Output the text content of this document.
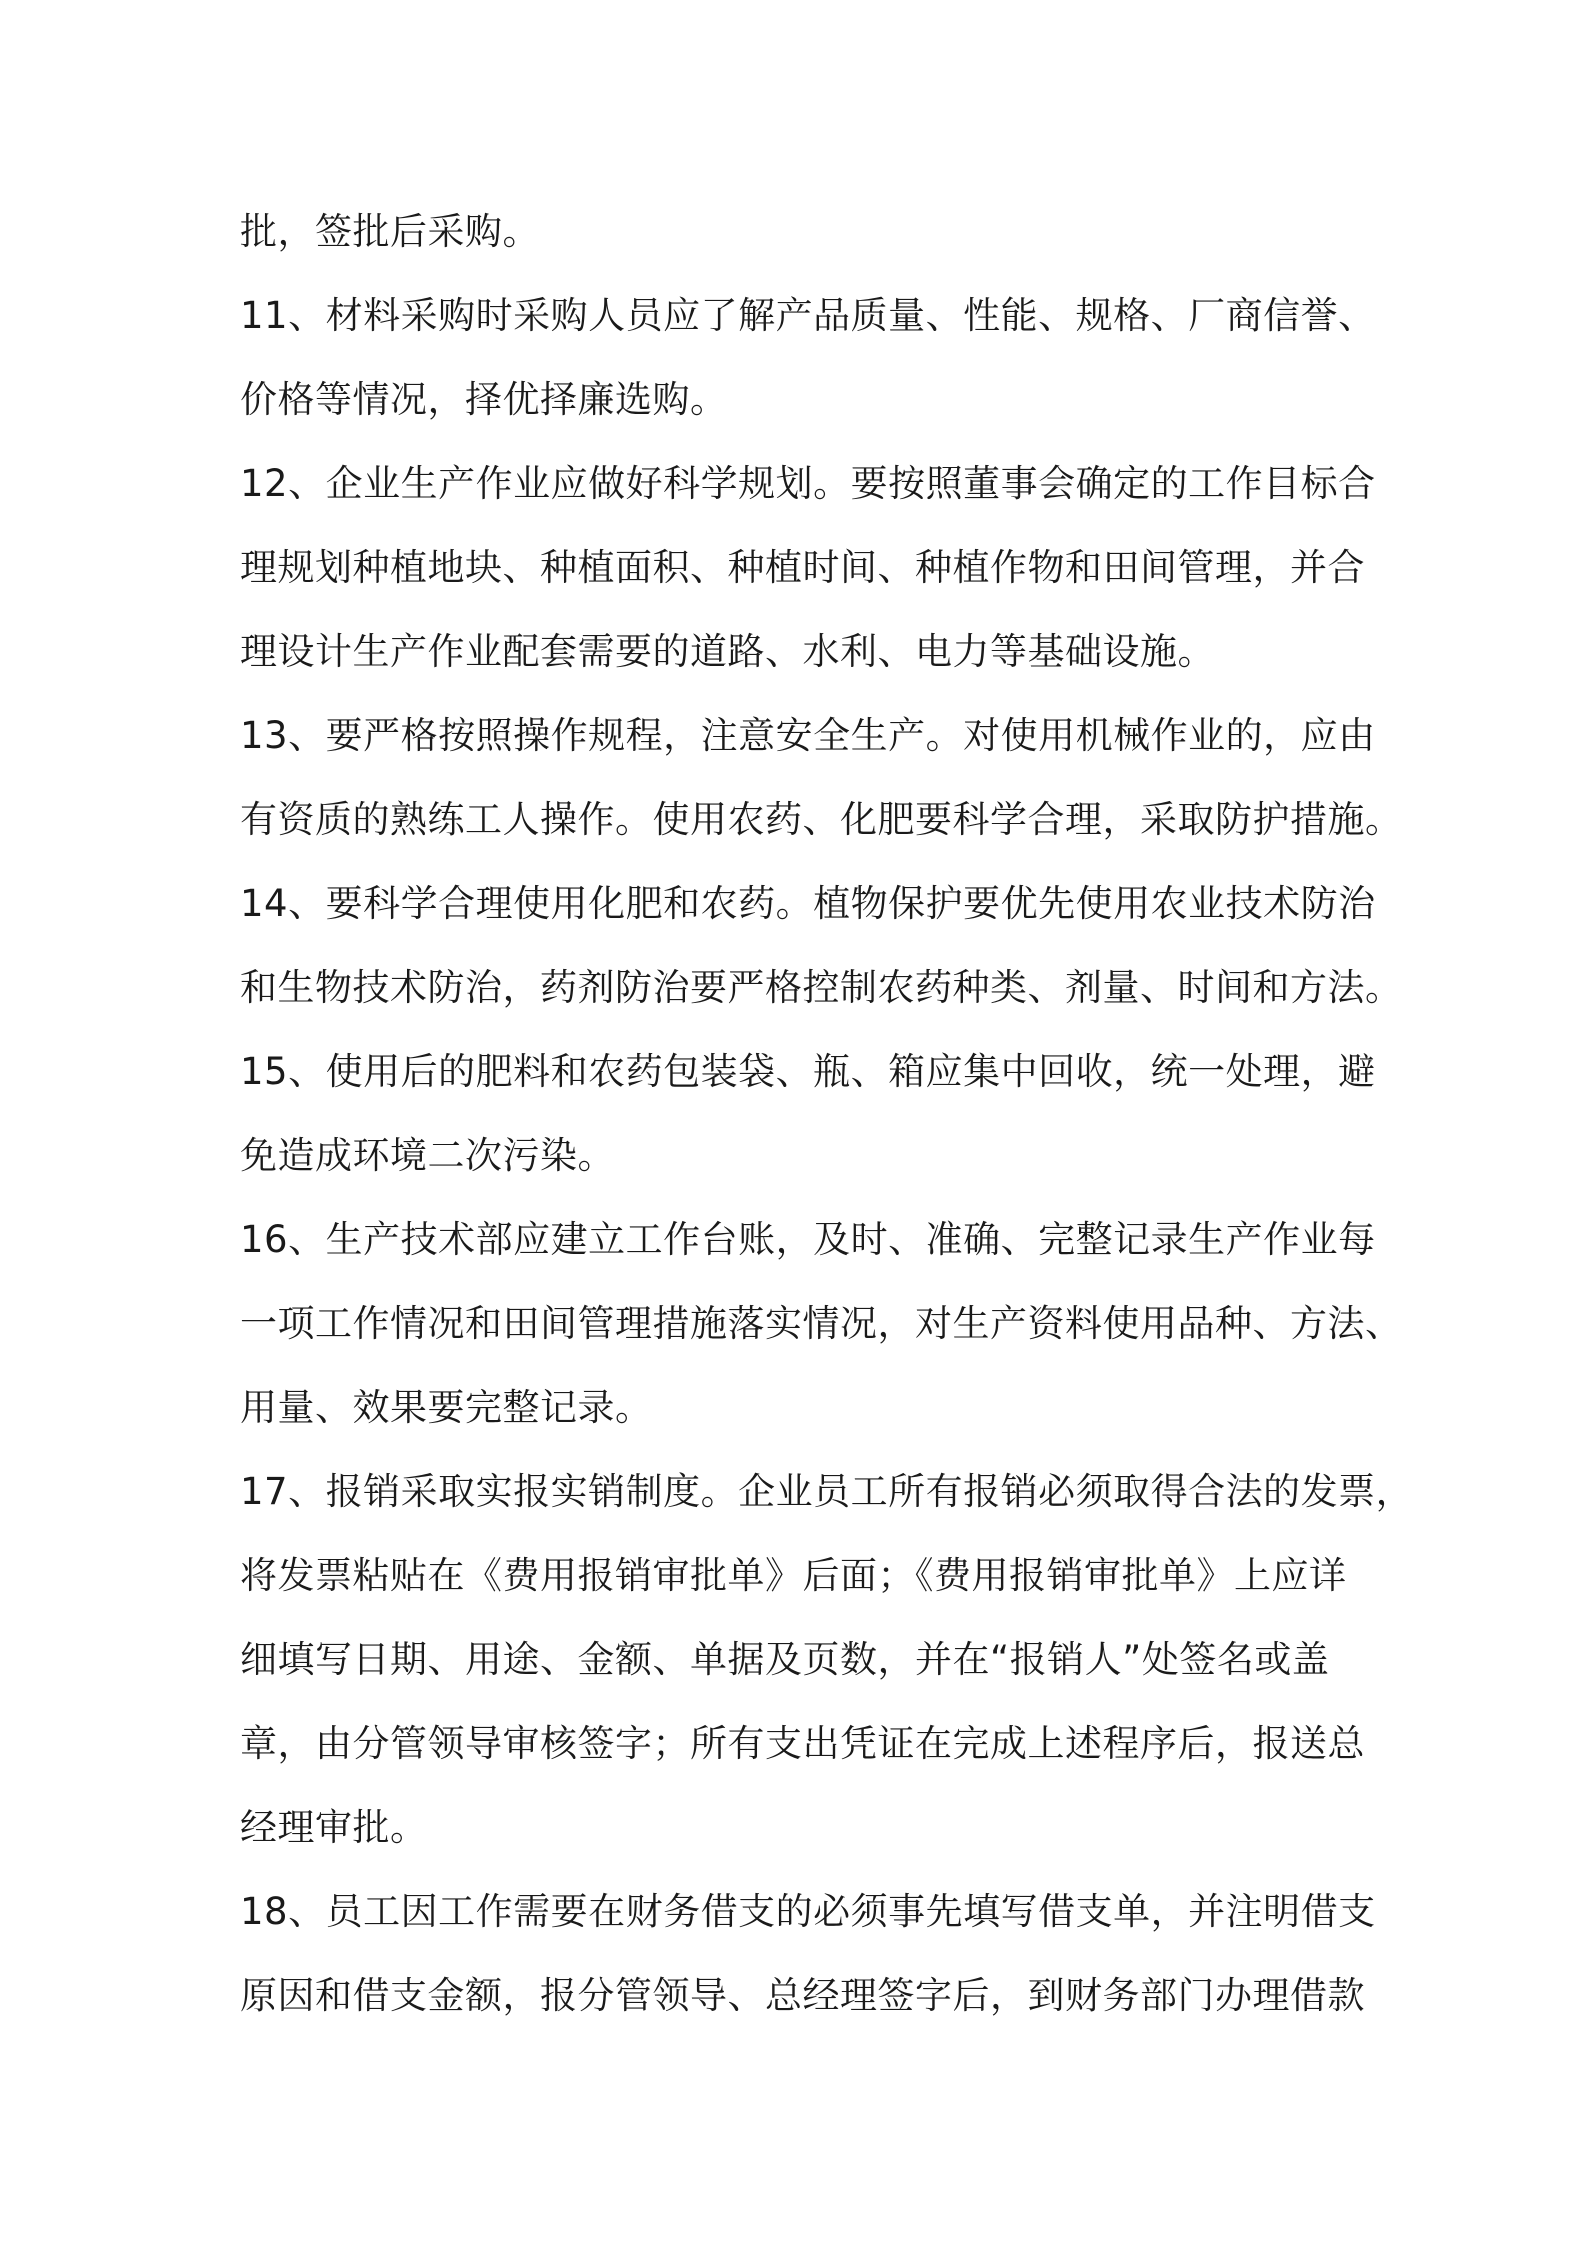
批，签批后采购。
11、材料采购时采购人员应了解产品质量、性能、规格、厂商信誉、
价格等情况，择优择廉选购。
12、企业生产作业应做好科学规划。要按照董事会确定的工作目标合
理规划种植地块、种植面积、种植时间、种植作物和田间管理，并合
理设计生产作业配套需要的道路、水利、电力等基础设施。
13、要严格按照操作规程，注意安全生产。对使用机械作业的，应由
有资质的熟练工人操作。使用农药、化肥要科学合理，采取防护措施。
14、要科学合理使用化肥和农药。植物保护要优先使用农业技术防治
和生物技术防治，药剂防治要严格控制农药种类、剂量、时间和方法。
15、使用后的肥料和农药包装袋、瓶、箱应集中回收，统一处理，避
免造成环境二次污染。
16、生产技术部应建立工作台账，及时、准确、完整记录生产作业每
一项工作情况和田间管理措施落实情况，对生产资料使用品种、方法、
用量、效果要完整记录。
17、报销采取实报实销制度。企业员工所有报销必须取得合法的发票，
将发票粘贴在《费用报销审批单》后面；《费用报销审批单》上应详
细填写日期、用途、金额、单据及页数，并在“报销人”处签名或盖
章，由分管领导审核签字；所有支出凭证在完成上述程序后，报送总
经理审批。
18、员工因工作需要在财务借支的必须事先填写借支单，并注明借支
原因和借支金额，报分管领导、总经理签字后，到财务部门办理借款
